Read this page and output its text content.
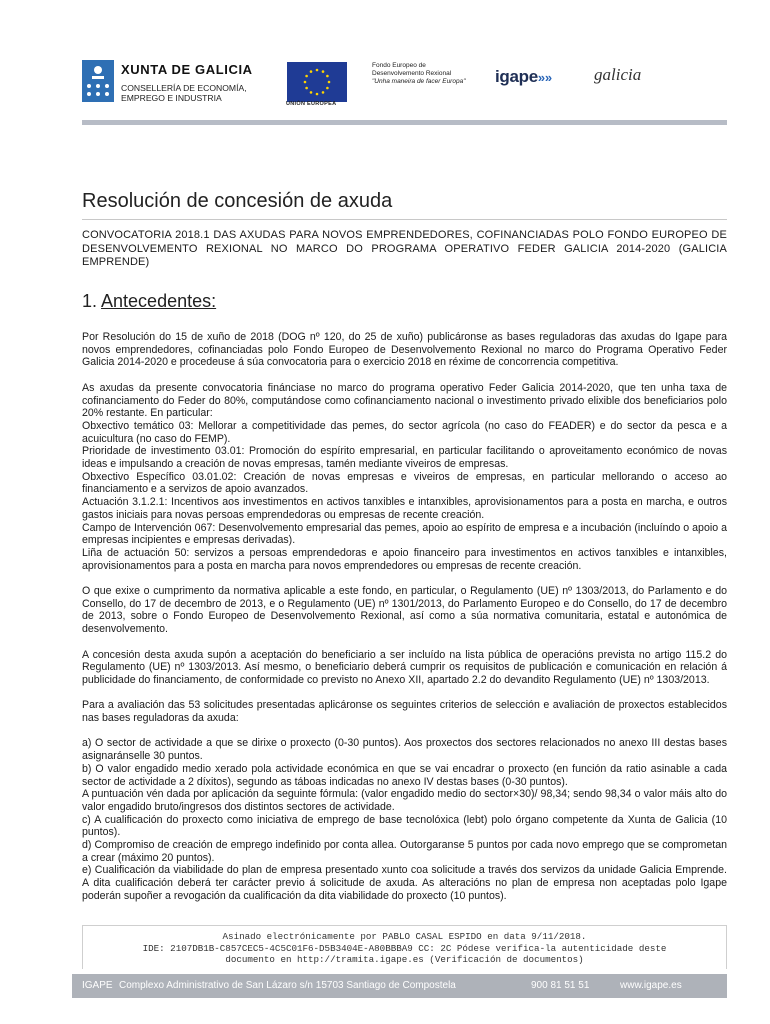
XUNTA DE GALICIA
CONSELLERÍA DE ECONOMÍA,
EMPREGO E INDUSTRIA
UNIÓN EUROPEA
Fondo Europeo de
Desenvolvemento Rexional
"Unha maneira de facer Europa" igape»» galicia
Resolución de concesión de axuda
CONVOCATORIA 2018.1 DAS AXUDAS PARA NOVOS EMPRENDEDORES, COFINANCIADAS POLO FONDO EUROPEO DE DESENVOLVEMENTO REXIONAL NO MARCO DO PROGRAMA OPERATIVO FEDER GALICIA 2014-2020 (GALICIA EMPRENDE)
1. Antecedentes:

Por Resolución do 15 de xuño de 2018 (DOG nº 120, do 25 de xuño) publicáronse as bases reguladoras das axudas do Igape para novos emprendedores, cofinanciadas polo Fondo Europeo de Desenvolvemento Rexional no marco do Programa Operativo Feder Galicia 2014-2020 e procedeuse á súa convocatoria para o exercicio 2018 en réxime de concorrencia competitiva.

As axudas da presente convocatoria finánciase no marco do programa operativo Feder Galicia 2014-2020, que ten unha taxa de cofinanciamento do Feder do 80%, computándose como cofinanciamento nacional o investimento privado elixible dos beneficiarios polo 20% restante. En particular:
Obxectivo temático 03: Mellorar a competitividade das pemes, do sector agrícola (no caso do FEADER) e do sector da pesca e a acuicultura (no caso do FEMP).
Prioridade de investimento 03.01: Promoción do espírito empresarial, en particular facilitando o aproveitamento económico de novas ideas e impulsando a creación de novas empresas, tamén mediante viveiros de empresas.
Obxectivo Específico 03.01.02: Creación de novas empresas e viveiros de empresas, en particular mellorando o acceso ao financiamento e a servizos de apoio avanzados.
Actuación 3.1.2.1: Incentivos aos investimentos en activos tanxibles e intanxibles, aprovisionamentos para a posta en marcha, e outros gastos iniciais para novas persoas emprendedoras ou empresas de recente creación.
Campo de Intervención 067: Desenvolvemento empresarial das pemes, apoio ao espírito de empresa e a incubación (incluíndo o apoio a empresas incipientes e empresas derivadas).
Liña de actuación 50: servizos a persoas emprendedoras e apoio financeiro para investimentos en activos tanxibles e intanxibles, aprovisionamentos para a posta en marcha para novos emprendedores ou empresas de recente creación.

O que exixe o cumprimento da normativa aplicable a este fondo, en particular, o Regulamento (UE) nº 1303/2013, do Parlamento e do Consello, do 17 de decembro de 2013, e o Regulamento (UE) nº 1301/2013, do Parlamento Europeo e do Consello, do 17 de decembro de 2013, sobre o Fondo Europeo de Desenvolvemento Rexional, así como a súa normativa comunitaria, estatal e autonómica de desenvolvemento.

A concesión desta axuda supón a aceptación do beneficiario a ser incluído na lista pública de operacións prevista no artigo 115.2 do Regulamento (UE) nº 1303/2013. Así mesmo, o beneficiario deberá cumprir os requisitos de publicación e comunicación en relación á publicidade do financiamento, de conformidade co previsto no Anexo XII, apartado 2.2 do devandito Regulamento (UE) nº 1303/2013.

Para a avaliación das 53 solicitudes presentadas aplicáronse os seguintes criterios de selección e avaliación de proxectos establecidos nas bases reguladoras da axuda:

a) O sector de actividade a que se dirixe o proxecto (0-30 puntos). Aos proxectos dos sectores relacionados no anexo III destas bases asignaránselle 30 puntos.
b) O valor engadido medio xerado pola actividade económica en que se vai encadrar o proxecto (en función da ratio asinable a cada sector de actividade a 2 díxitos), segundo as táboas indicadas no anexo IV destas bases (0-30 puntos).
A puntuación vén dada por aplicación da seguinte fórmula: (valor engadido medio do sector×30)/ 98,34; sendo 98,34 o valor máis alto do valor engadido bruto/ingresos dos distintos sectores de actividade.
c) A cualificación do proxecto como iniciativa de emprego de base tecnolóxica (lebt) polo órgano competente da Xunta de Galicia (10 puntos).
d) Compromiso de creación de emprego indefinido por conta allea. Outorgaranse 5 puntos por cada novo emprego que se comprometan a crear (máximo 20 puntos).
e) Cualificación da viabilidade do plan de empresa presentado xunto coa solicitude a través dos servizos da unidade Galicia Emprende. A dita cualificación deberá ter carácter previo á solicitude de axuda. As alteracións no plan de empresa non aceptadas polo Igape poderán supoñer a revogación da cualificación da dita viabilidade do proxecto (10 puntos).

Asinado electrónicamente por PABLO CASAL ESPIDO en data 9/11/2018.
IDE: 2107DB1B-C857CEC5-4C5C01F6-D5B3404E-A80BBBA9 CC: 2C Pódese verifica-la autenticidade deste
documento en http://tramita.igape.es (Verificación de documentos)
IGAPE Complexo Administrativo de San Lázaro s/n 15703 Santiago de Compostela	900 81 51 51	www.igape.es
